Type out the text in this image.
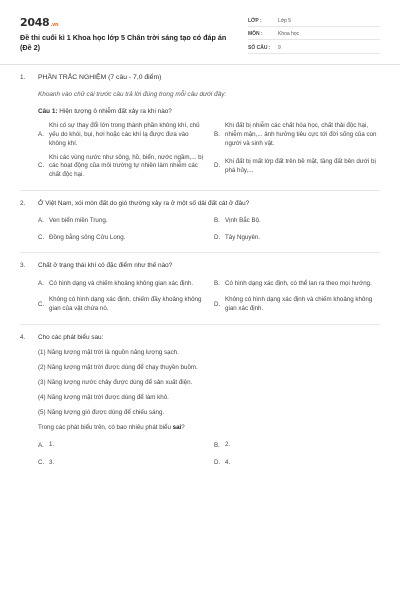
2048.vn
Đề thi cuối kì 1 Khoa học lớp 5 Chân trời sáng tạo có đáp án (Đề 2)
LỚP :	Lớp 5
MÔN :	Khoa học
SỐ CÂU :	9
1.	PHẦN TRẮC NGHIỆM (7 câu - 7,0 điểm)
Khoanh vào chữ cái trước câu trả lời đúng trong mỗi câu dưới đây:
Câu 1: Hiện tượng ô nhiễm đất xảy ra khi nào?
A.
Khi có sự thay đổi lớn trong thành phần không khí, chủ yếu do khói, bụi, hơi hoặc các khí lạ được đưa vào không khí.
B.
Khi đất bị nhiễm các chất hóa học, chất thải độc hại, nhiễm mặn,... ảnh hưởng tiêu cực tới đời sống của con người và sinh vật.
C.
Khi các vùng nước như sông, hồ, biển, nước ngầm,... bị các hoạt động của môi trường tự nhiên làm nhiễm các chất độc hại.
D.
Khi đất bị mất lớp đất trên bề mặt, tầng đất bên dưới bị phá hủy,...
2.	Ở Việt Nam, xói mòn đất do gió thường xảy ra ở một số dải đất cát ở đâu?
A. Ven biển miền Trung.	B. Vịnh Bắc Bộ.
C. Đồng bằng sông Cửu Long.	D. Tây Nguyên.
3.	Chất ở trạng thái khí có đặc điểm như thế nào?
A. Có hình dạng và chiếm khoảng không gian xác định.	B. Có hình dạng xác định, có thể lan ra theo mọi hướng.
C.
Không có hình dạng xác định, chiếm đầy khoảng không gian của vật chứa nó.
D.
Không có hình dạng xác định và chiếm khoảng không gian xác định.
4.	Cho các phát biểu sau:
(1) Năng lượng mặt trời là nguồn năng lượng sạch.
(2) Năng lượng mặt trời được dùng để chạy thuyền buồm.
(3) Năng lượng nước chảy được dùng để sản xuất điện.
(4) Năng lượng mặt trời được dùng để làm khô.
(5) Năng lượng gió được dùng để chiếu sáng.
Trong các phát biểu trên, có bao nhiêu phát biểu sai?
A. 1.	B. 2.
C. 3.	D. 4.
